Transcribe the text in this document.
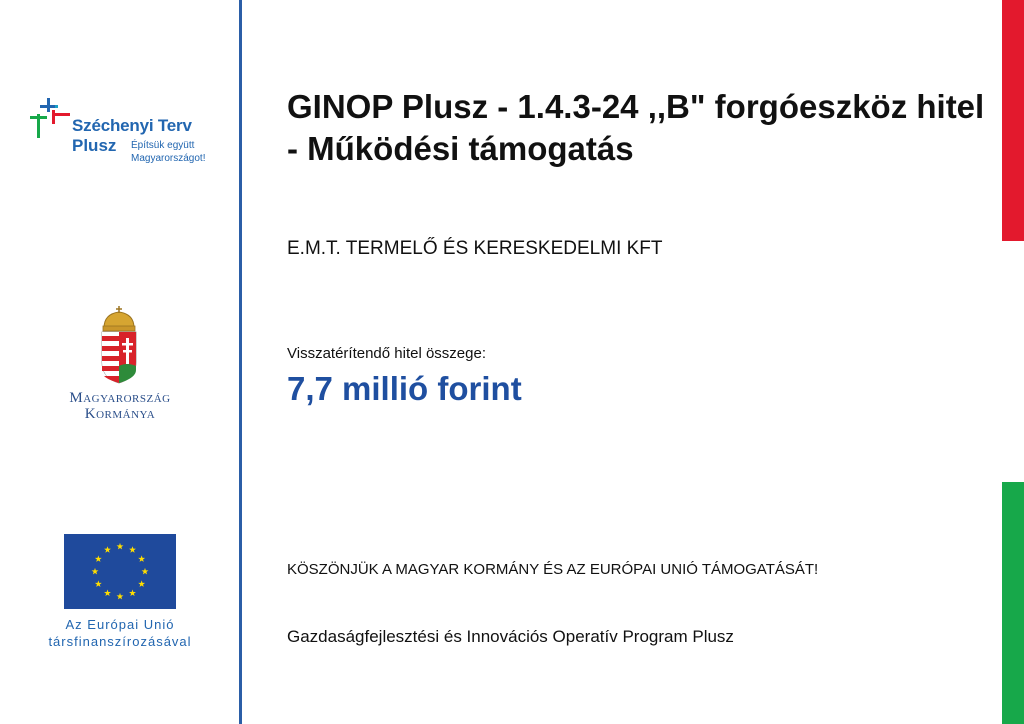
Széchenyi Terv
Plusz Építsük együtt
Magyarországot!
Magyarország
Kormánya
Az Európai Unió
társfinanszírozásával
GINOP Plusz - 1.4.3-24 ,,B" forgóeszköz hitel - Működési támogatás
E.M.T. TERMELŐ ÉS KERESKEDELMI KFT
Visszatérítendő hitel összege:
7,7 millió forint
KÖSZÖNJÜK A MAGYAR KORMÁNY ÉS AZ EURÓPAI UNIÓ TÁMOGATÁSÁT!
Gazdaságfejlesztési és Innovációs Operatív Program Plusz
